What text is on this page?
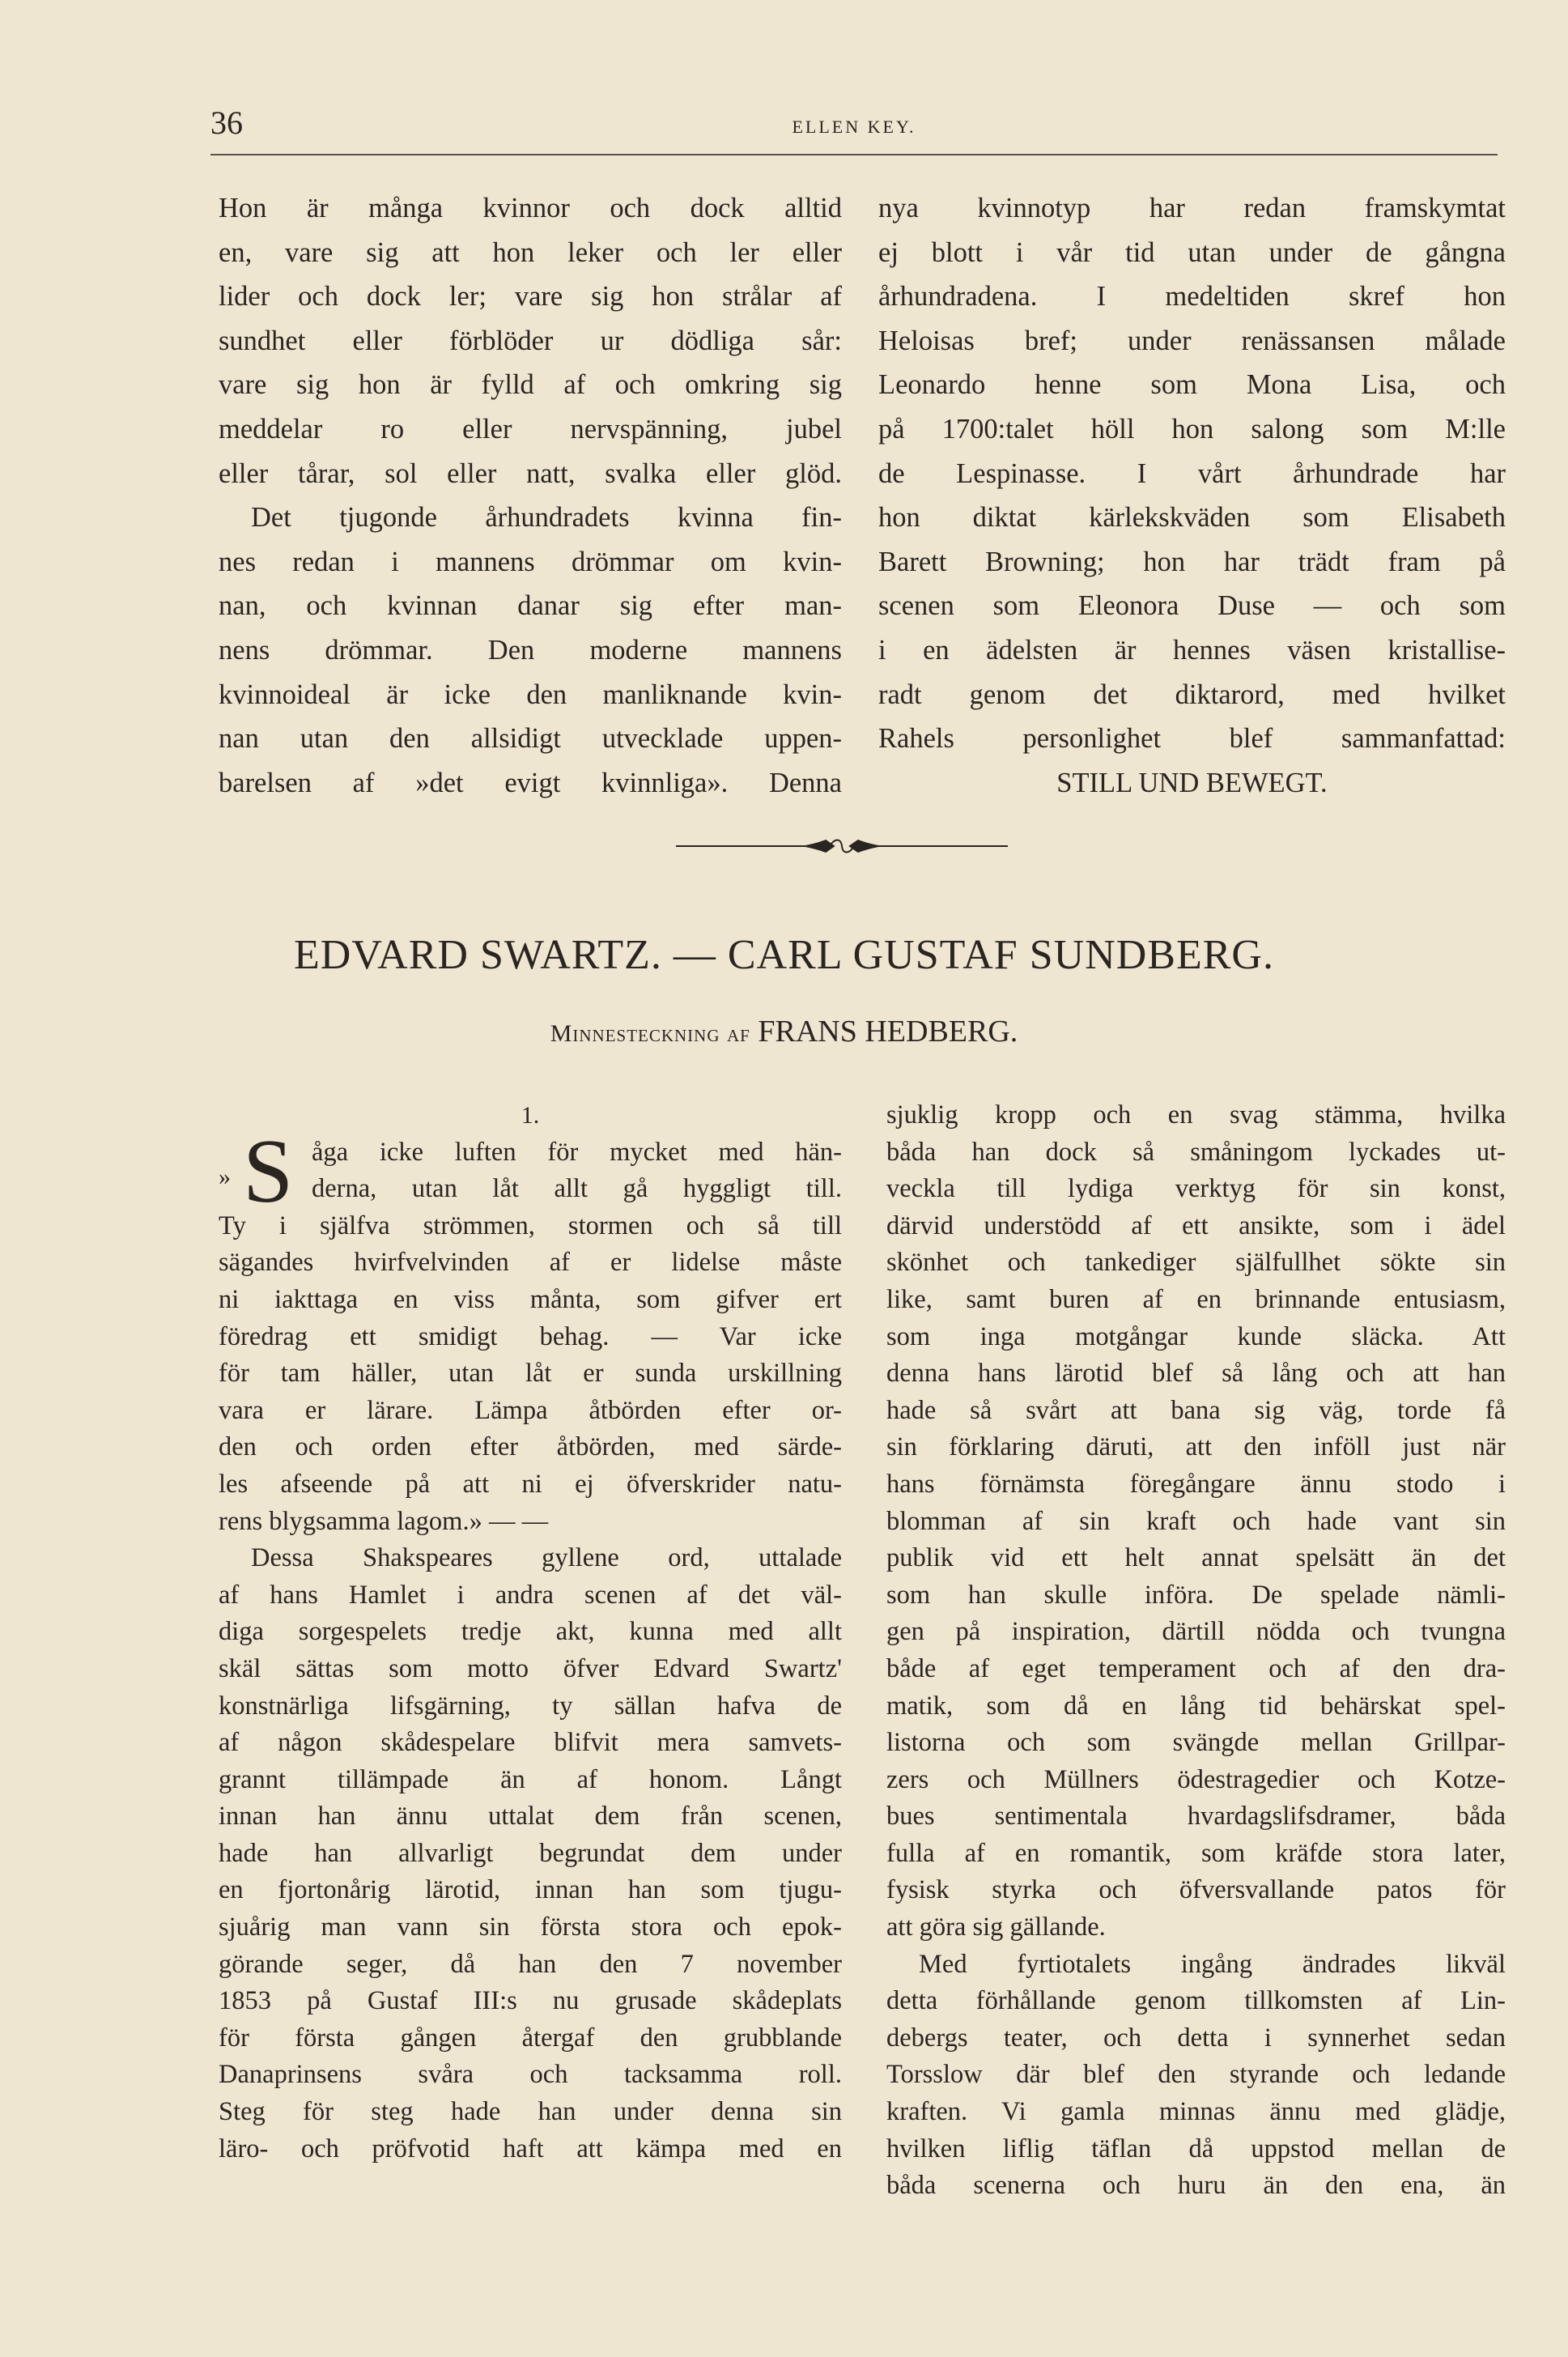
36	ELLEN KEY.

Hon är många kvinnor och dock alltid

en, vare sig att hon leker och ler eller

lider och dock ler; vare sig hon strålar af

sundhet eller förblöder ur dödliga sår:

vare sig hon är fylld af och omkring sig

meddelar ro eller nervspänning, jubel

eller tårar, sol eller natt, svalka eller glöd.

Det tjugonde århundradets kvinna fin-

nes redan i mannens drömmar om kvin-

nan, och kvinnan danar sig efter man-

nens drömmar. Den moderne mannens

kvinnoideal är icke den manliknande kvin-

nan utan den allsidigt utvecklade uppen-

barelsen af »det evigt kvinnliga». Denna

nya kvinnotyp har redan framskymtat

ej blott i vår tid utan under de gångna

århundradena. I medeltiden skref hon

Heloisas bref; under renässansen målade

Leonardo henne som Mona Lisa, och

på 1700:talet höll hon salong som M:lle

de Lespinasse. I vårt århundrade har

hon diktat kärlekskväden som Elisabeth

Barett Browning; hon har trädt fram på

scenen som Eleonora Duse — och som

i en ädelsten är hennes väsen kristallise-

radt genom det diktarord, med hvilket

Rahels personlighet blef sammanfattad:

STILL UND BEWEGT.

EDVARD SWARTZ. — CARL GUSTAF SUNDBERG.
Minnesteckning af FRANS HEDBERG.

1.

» S åga icke luften för mycket med hän-

derna, utan låt allt gå hyggligt till.

Ty i själfva strömmen, stormen och så till

sägandes hvirfvelvinden af er lidelse måste

ni iakttaga en viss månta, som gifver ert

föredrag ett smidigt behag. — Var icke

för tam häller, utan låt er sunda urskillning

vara er lärare. Lämpa åtbörden efter or-

den och orden efter åtbörden, med särde-

les afseende på att ni ej öfverskrider natu-

rens blygsamma lagom.» — —

Dessa Shakspeares gyllene ord, uttalade

af hans Hamlet i andra scenen af det väl-

diga sorgespelets tredje akt, kunna med allt

skäl sättas som motto öfver Edvard Swartz'

konstnärliga lifsgärning, ty sällan hafva de

af någon skådespelare blifvit mera samvets-

grannt tillämpade än af honom. Långt

innan han ännu uttalat dem från scenen,

hade han allvarligt begrundat dem under

en fjortonårig lärotid, innan han som tjugu-

sjuårig man vann sin första stora och epok-

görande seger, då han den 7 november

1853 på Gustaf III:s nu grusade skådeplats

för första gången återgaf den grubblande

Danaprinsens svåra och tacksamma roll.

Steg för steg hade han under denna sin

läro- och pröfvotid haft att kämpa med en

sjuklig kropp och en svag stämma, hvilka

båda han dock så småningom lyckades ut-

veckla till lydiga verktyg för sin konst,

därvid understödd af ett ansikte, som i ädel

skönhet och tankediger själfullhet sökte sin

like, samt buren af en brinnande entusiasm,

som inga motgångar kunde släcka. Att

denna hans lärotid blef så lång och att han

hade så svårt att bana sig väg, torde få

sin förklaring däruti, att den inföll just när

hans förnämsta föregångare ännu stodo i

blomman af sin kraft och hade vant sin

publik vid ett helt annat spelsätt än det

som han skulle införa. De spelade nämli-

gen på inspiration, därtill nödda och tvungna

både af eget temperament och af den dra-

matik, som då en lång tid behärskat spel-

listorna och som svängde mellan Grillpar-

zers och Müllners ödestragedier och Kotze-

bues sentimentala hvardagslifsdramer, båda

fulla af en romantik, som kräfde stora later,

fysisk styrka och öfversvallande patos för

att göra sig gällande.

Med fyrtiotalets ingång ändrades likväl

detta förhållande genom tillkomsten af Lin-

debergs teater, och detta i synnerhet sedan

Torsslow där blef den styrande och ledande

kraften. Vi gamla minnas ännu med glädje,

hvilken liflig täflan då uppstod mellan de

båda scenerna och huru än den ena, än
